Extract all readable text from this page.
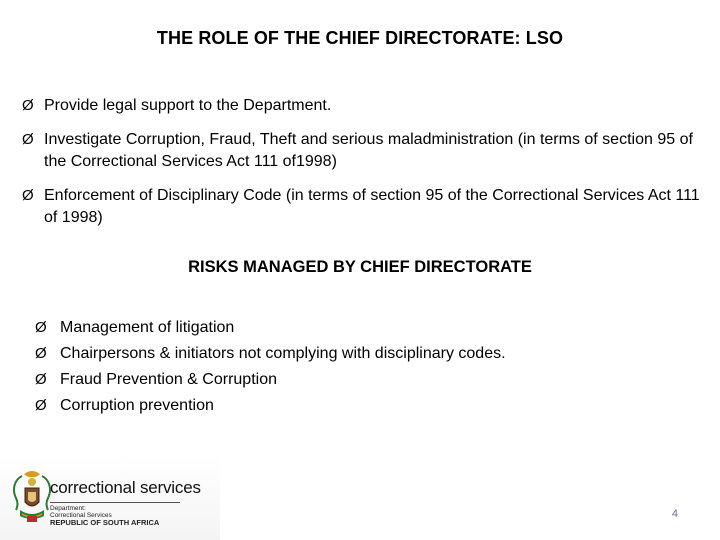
THE ROLE OF THE CHIEF DIRECTORATE: LSO
Ø Provide legal support to the Department.
Ø Investigate Corruption, Fraud, Theft and serious maladministration (in terms of section 95 of the Correctional Services Act 111 of1998)
Ø Enforcement of Disciplinary Code (in terms of section 95 of the Correctional Services Act 111 of 1998)
RISKS MANAGED BY CHIEF DIRECTORATE
Ø Management of litigation
Ø Chairpersons & initiators not complying with disciplinary codes.
Ø Fraud Prevention & Corruption
Ø Corruption prevention
correctional services
Department:
Correctional Services
REPUBLIC OF SOUTH AFRICA
4
